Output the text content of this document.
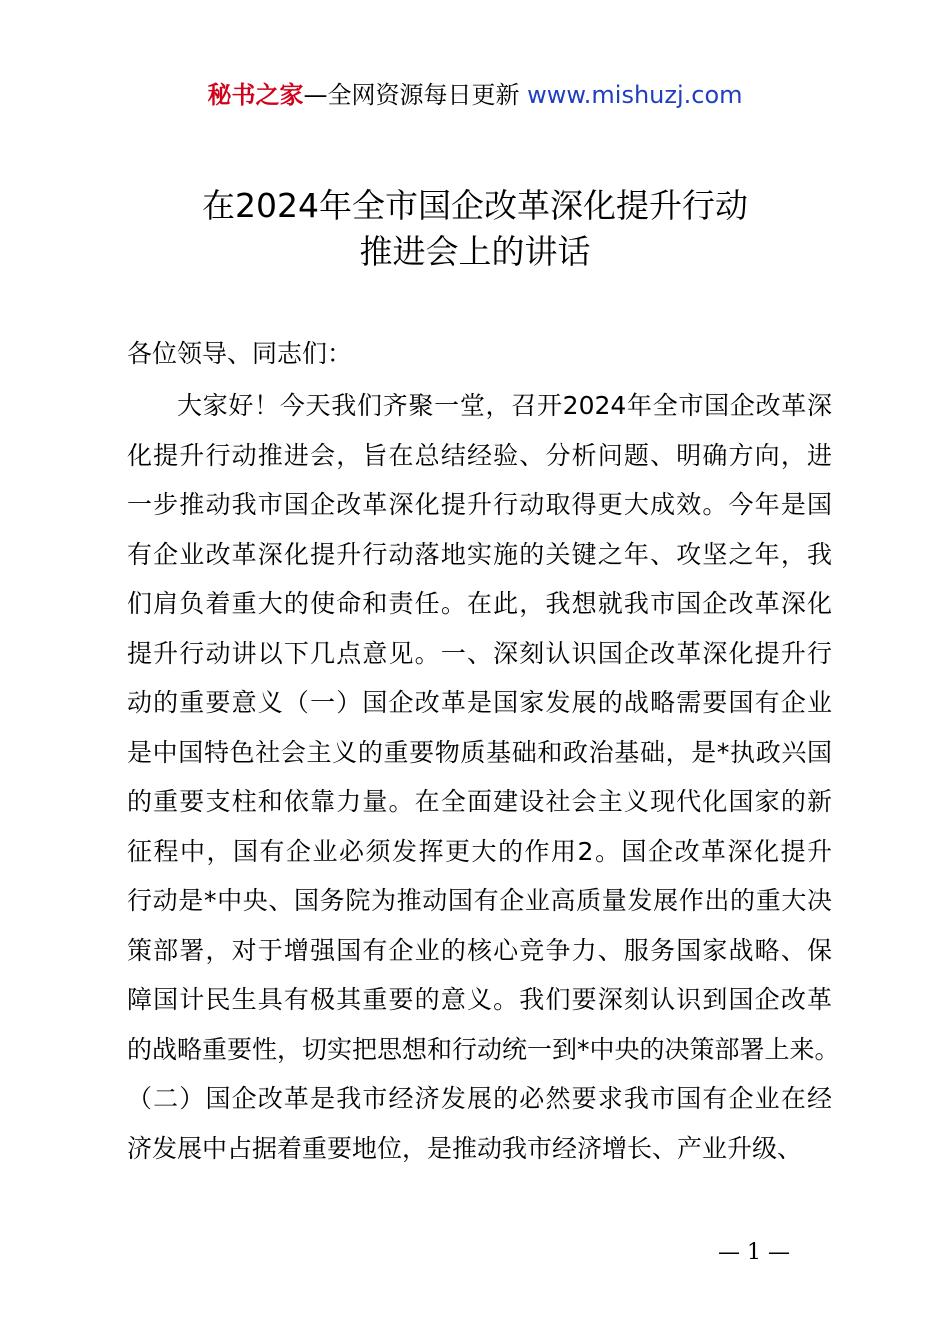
秘书之家—全网资源每日更新 www.mishuzj.com
在2024年全市国企改革深化提升行动
推进会上的讲话
各位领导、同志们：
大家好！今天我们齐聚一堂，召开2024年全市国企改革深
化提升行动推进会，旨在总结经验、分析问题、明确方向，进
一步推动我市国企改革深化提升行动取得更大成效。今年是国
有企业改革深化提升行动落地实施的关键之年、攻坚之年，我
们肩负着重大的使命和责任。在此，我想就我市国企改革深化
提升行动讲以下几点意见。一、深刻认识国企改革深化提升行
动的重要意义（一）国企改革是国家发展的战略需要国有企业
是中国特色社会主义的重要物质基础和政治基础，是*执政兴国
的重要支柱和依靠力量。在全面建设社会主义现代化国家的新
征程中，国有企业必须发挥更大的作用2。国企改革深化提升
行动是*中央、国务院为推动国有企业高质量发展作出的重大决
策部署，对于增强国有企业的核心竞争力、服务国家战略、保
障国计民生具有极其重要的意义。我们要深刻认识到国企改革
的战略重要性，切实把思想和行动统一到*中央的决策部署上来。
（二）国企改革是我市经济发展的必然要求我市国有企业在经
济发展中占据着重要地位，是推动我市经济增长、产业升级、
— 1 —
